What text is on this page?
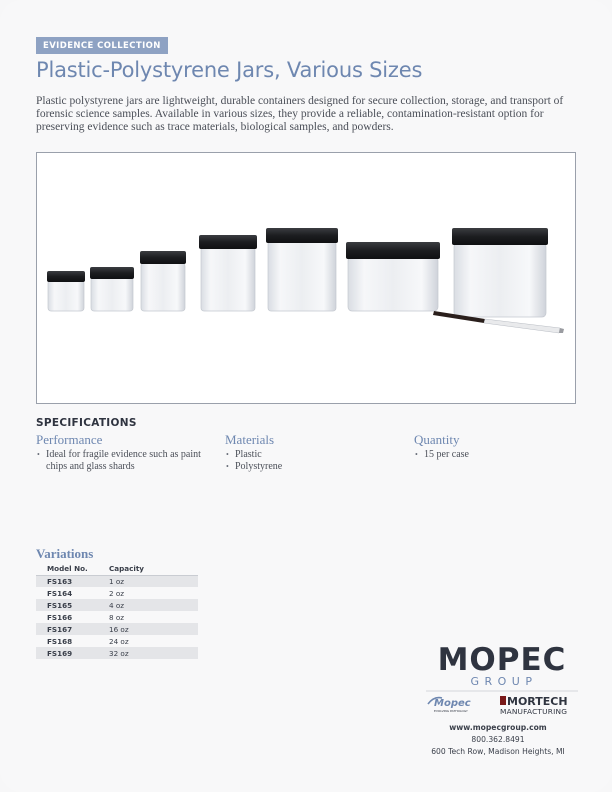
EVIDENCE COLLECTION
Plastic-Polystyrene Jars, Various Sizes

Plastic polystyrene jars are lightweight, durable containers designed for secure collection, storage, and transport of forensic science samples. Available in various sizes, they provide a reliable, contamination-resistant option for preserving evidence such as trace materials, biological samples, and powders.

SPECIFICATIONS
Performance
• Ideal for fragile evidence such as paint chips and glass shards
Materials
• Plastic
• Polystyrene
Quantity
• 15 per case
Variations
Model No.	Capacity
FS163	1 oz
FS164	2 oz
FS165	4 oz
FS166	8 oz
FS167	16 oz
FS168	24 oz
FS169	32 oz	MOPEC
GROUP
Mopec
EVOLVING PATHOLOGY
MORTECH
MANUFACTURING
www.mopecgroup.com
800.362.8491
600 Tech Row, Madison Heights, MI
